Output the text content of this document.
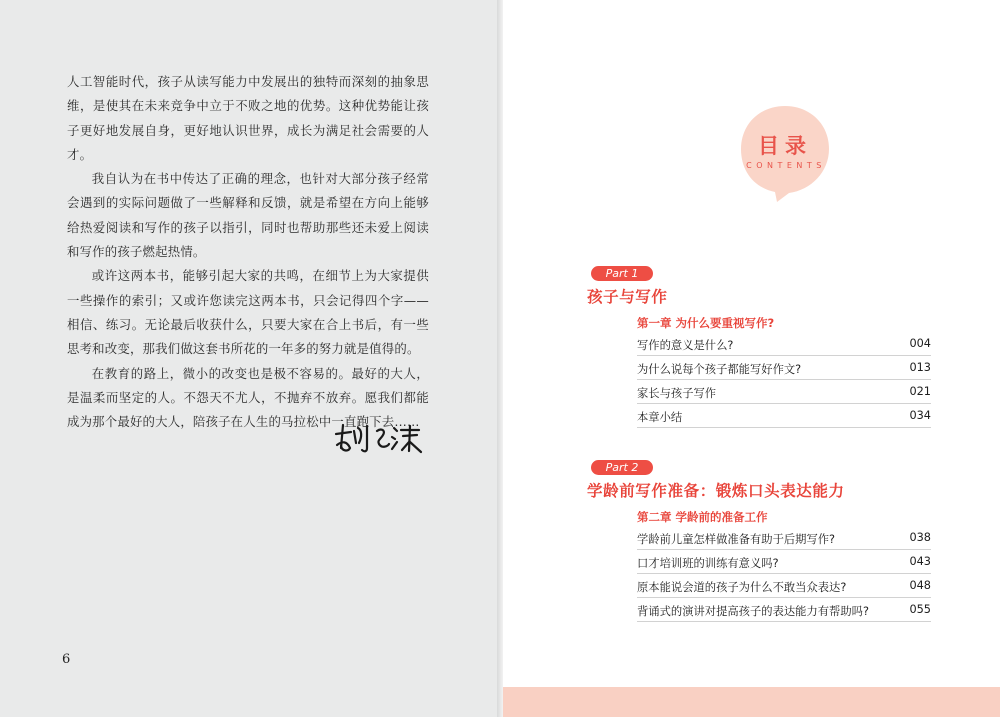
人工智能时代，孩子从读写能力中发展出的独特而深刻的抽象思维，是使其在未来竞争中立于不败之地的优势。这种优势能让孩子更好地发展自身，更好地认识世界，成长为满足社会需要的人才。

我自认为在书中传达了正确的理念，也针对大部分孩子经常会遇到的实际问题做了一些解释和反馈，就是希望在方向上能够给热爱阅读和写作的孩子以指引，同时也帮助那些还未爱上阅读和写作的孩子燃起热情。

或许这两本书，能够引起大家的共鸣，在细节上为大家提供一些操作的索引；又或许您读完这两本书，只会记得四个字—— 相信、练习。无论最后收获什么，只要大家在合上书后，有一些思考和改变，那我们做这套书所花的一年多的努力就是值得的。

在教育的路上，微小的改变也是极不容易的。最好的大人，是温柔而坚定的人。不怨天不尤人，不抛弃不放弃。愿我们都能成为那个最好的大人，陪孩子在人生的马拉松中一直跑下去……

6
目录
CONTENTS
Part 1
孩子与写作
第一章 为什么要重视写作?
写作的意义是什么?	004
为什么说每个孩子都能写好作文?	013
家长与孩子写作	021
本章小结	034
Part 2
学龄前写作准备：锻炼口头表达能力
第二章 学龄前的准备工作
学龄前儿童怎样做准备有助于后期写作?	038
口才培训班的训练有意义吗?	043
原本能说会道的孩子为什么不敢当众表达?	048
背诵式的演讲对提高孩子的表达能力有帮助吗?	055
